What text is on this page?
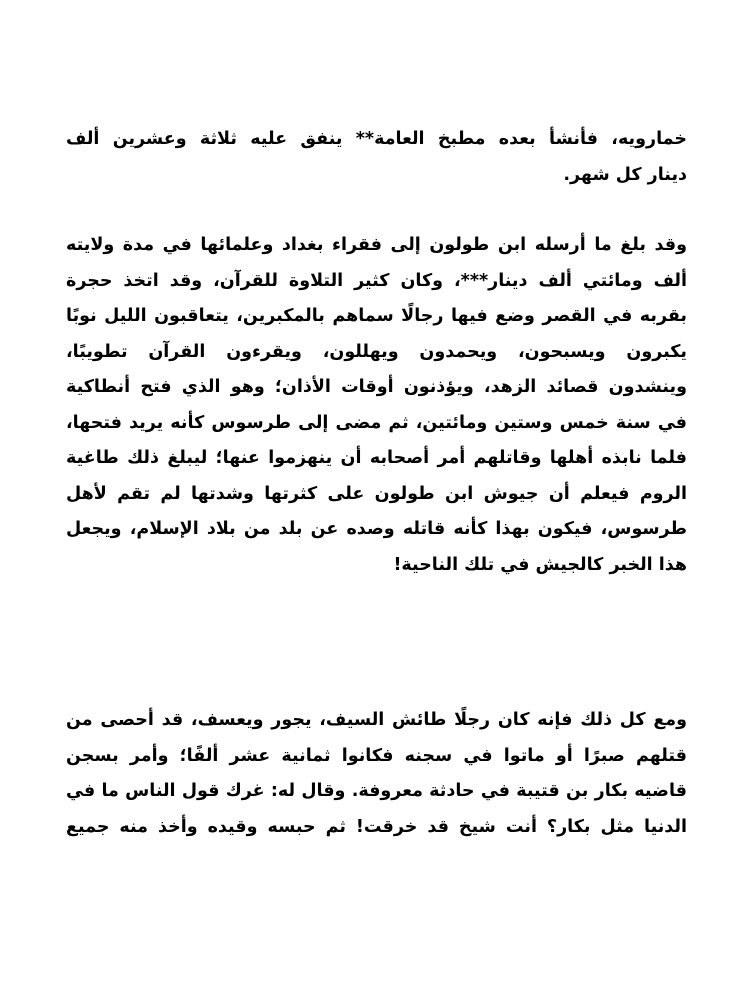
خمارويه، فأنشأ بعده مطبخ العامة** ينفق عليه ثلاثة وعشرين ألف
دينار كل شهر.
وقد بلغ ما أرسله ابن طولون إلى فقراء بغداد وعلمائها في مدة ولايته
ألف ومائتي ألف دينار***، وكان كثير التلاوة للقرآن، وقد اتخذ حجرة
بقربه في القصر وضع فيها رجالًا سماهم بالمكبرين، يتعاقبون الليل نوبًا
يكبرون ويسبحون، ويحمدون ويهللون، ويقرءون القرآن تطويبًا،
وينشدون قصائد الزهد، ويؤذنون أوقات الأذان؛ وهو الذي فتح أنطاكية
في سنة خمس وستين ومائتين، ثم مضى إلى طرسوس كأنه يريد فتحها،
فلما نابذه أهلها وقاتلهم أمر أصحابه أن ينهزموا عنها؛ ليبلغ ذلك طاغية
الروم فيعلم أن جيوش ابن طولون على كثرتها وشدتها لم تقم لأهل
طرسوس، فيكون بهذا كأنه قاتله وصده عن بلد من بلاد الإسلام، ويجعل
هذا الخبر كالجيش في تلك الناحية!
ومع كل ذلك فإنه كان رجلًا طائش السيف، يجور ويعسف، قد أحصى من
قتلهم صبرًا أو ماتوا في سجنه فكانوا ثمانية عشر ألفًا؛ وأمر بسجن
قاضيه بكار بن قتيبة في حادثة معروفة. وقال له: غرك قول الناس ما في
الدنيا مثل بكار؟ أنت شيخ قد خرقت! ثم حبسه وقيده وأخذ منه جميع
